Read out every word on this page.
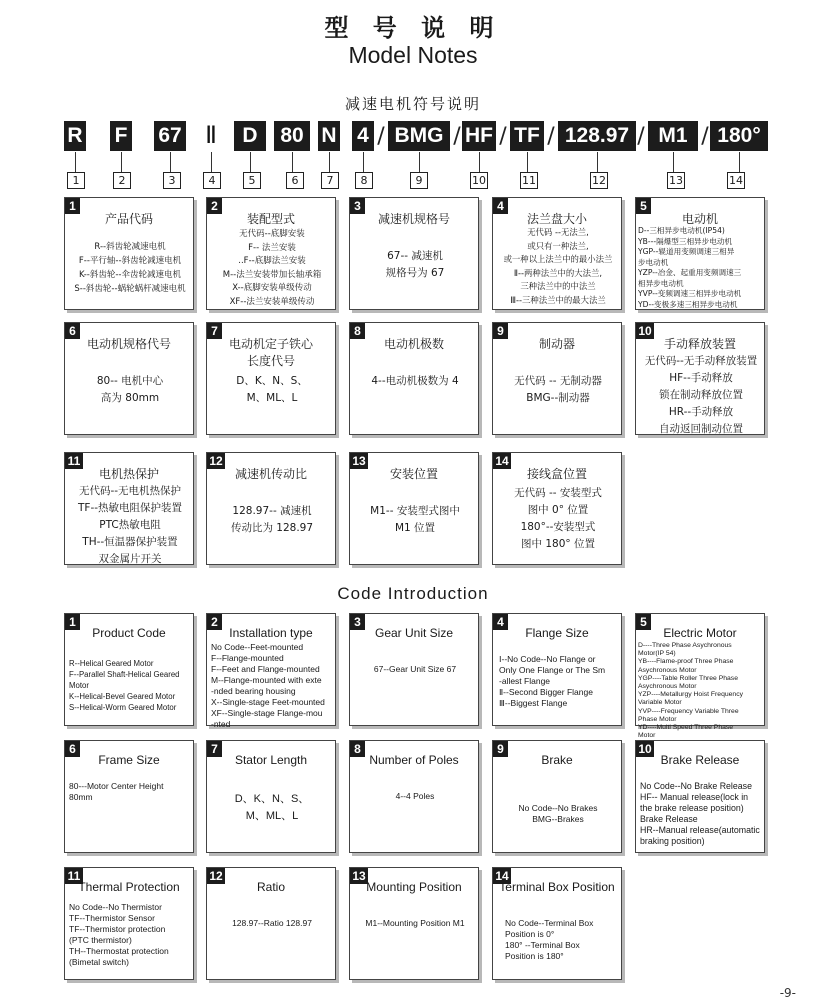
型 号 说 明
Model Notes
减速电机符号说明
R F 67 Ⅱ	D	80 N 4 / BMG / HF / TF / 128.97 / M1 / 180°
1	2	3	4	5	6	7	8	9	10	11	12	13	14
1
产品代码
R--斜齿轮减速电机
F--平行轴--斜齿轮减速电机
K--斜齿轮--伞齿轮减速电机
S--斜齿轮--蜗轮蜗杆减速电机
2
装配型式
无代码--底脚安装
F-- 法兰安装
..F--底脚法兰安装
M--法兰安装带加长轴承箱
X--底脚安装单级传动
XF--法兰安装单级传动
3
减速机规格号
67-- 减速机
规格号为 67
4
法兰盘大小
无代码 --无法兰,
或只有一种法兰,
或一种以上法兰中的最小法兰
Ⅱ--两种法兰中的大法兰,
三种法兰中的中法兰
Ⅲ--三种法兰中的最大法兰
5
电动机
D--三相异步电动机(IP54)
YB---隔爆型三相异步电动机
YGP--辊道用变频调速三相异
步电动机
YZP--冶金、起重用变频调速三
相异步电动机
YVP--变频调速三相异步电动机
YD--变极多速三相异步电动机
6
电动机规格代号
80-- 电机中心
高为 80mm
7
电动机定子铁心
长度代号
D、K、N、S、
M、ML、L
8
电动机极数
4--电动机极数为 4
9
制动器
无代码 -- 无制动器
BMG--制动器
10
手动释放装置
无代码--无手动释放装置
HF--手动释放
锁在制动释放位置
HR--手动释放
自动返回制动位置
11
电机热保护
无代码--无电机热保护
TF--热敏电阻保护装置
PTC热敏电阻
TH--恒温器保护装置
双金属片开关
12
减速机传动比
128.97-- 减速机
传动比为 128.97
13
安装位置
M1-- 安装型式图中
M1 位置
14
接线盒位置
无代码 -- 安装型式
图中 0° 位置
180°--安装型式
图中 180° 位置
Code Introduction
1
Product Code
R--Helical Geared Motor
F--Parallel Shaft-Helical Geared
Motor
K--Helical-Bevel Geared Motor
S--Helical-Worm Geared Motor
2
Installation type
No Code--Feet-mounted
F--Flange-mounted
F--Feet and Flange-mounted
M--Flange-mounted with exte
-nded bearing housing
X--Single-stage Feet-mounted
XF--Single-stage Flange-mou
-nted
3
Gear Unit Size
67--Gear Unit Size 67
4
Flange Size
Ⅰ--No Code--No Flange or
Only One Flange or The Sm
-allest Flange
Ⅱ--Second Bigger Flange
Ⅲ--Biggest Flange
5
Electric Motor
D----Three Phase Asychronous
Motor(IP 54)
YB----Flame-proof Three Phase
Asychronous Motor
YGP----Table Roller Three Phase
Asychronous Motor
YZP----Metallurgy Hoist Frequency
Variable Motor
YVP----Frequency Variable Three
Phase Motor
YD----Multi Speed Three Phase
Motor
6
Frame Size
80---Motor Center Height
80mm
7
Stator Length
D、K、N、S、
M、ML、L
8
Number of Poles
4--4 Poles
9
Brake
No Code--No Brakes
BMG--Brakes
10
Brake Release
No Code--No Brake Release
HF-- Manual release(lock in
the brake release position)
Brake Release
HR--Manual release(automatic
braking position)
11
Thermal Protection
No Code--No Thermistor
TF--Thermistor Sensor
TF--Thermistor protection
(PTC thermistor)
TH--Thermostat protection
(Bimetal switch)
12
Ratio
128.97--Ratio 128.97
13
Mounting Position
M1--Mounting Position M1
14
Terminal Box Position
No Code--Terminal Box
Position is 0°
180° --Terminal Box
Position is 180°
-9-
